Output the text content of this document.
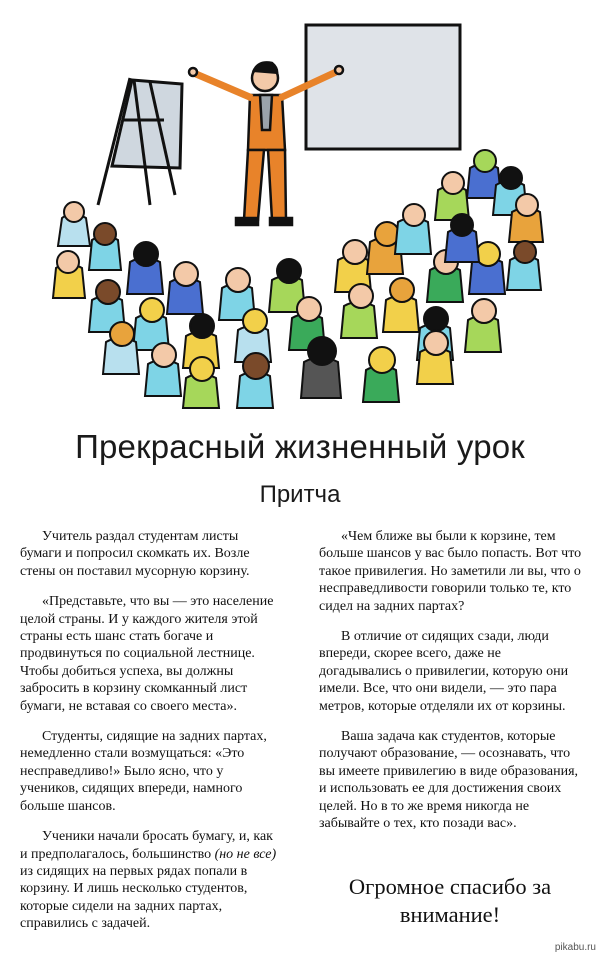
Прекрасный жизненный урок
Притча

Учитель раздал студентам листы бумаги и попросил скомкать их. Возле стены он поставил мусорную корзину.

«Представьте, что вы — это население целой страны. И у каждого жителя этой страны есть шанс стать богаче и продвинуться по социальной лестнице. Чтобы добиться успеха, вы должны забросить в корзину скомканный лист бумаги, не вставая со своего места».

Студенты, сидящие на задних партах, немедленно стали возмущаться: «Это несправедливо!» Было ясно, что у учеников, сидящих впереди, намного больше шансов.

Ученики начали бросать бумагу, и, как и предполагалось, большинство (но не все) из сидящих на первых рядах попали в корзину. И лишь несколько студентов, которые сидели на задних партах, справились с задачей.

«Чем ближе вы были к корзине, тем больше шансов у вас было попасть. Вот что такое привилегия. Но заметили ли вы, что о несправедливости говорили только те, кто сидел на задних партах?

В отличие от сидящих сзади, люди впереди, скорее всего, даже не догадывались о привилегии, которую они имели. Все, что они видели, — это пара метров, которые отделяли их от корзины.

Ваша задача как студентов, которые получают образование, — осознавать, что вы имеете привилегию в виде образования, и использовать ее для достижения своих целей. Но в то же время никогда не забывайте о тех, кто позади вас».

Огромное спасибо за внимание!
pikabu.ru
